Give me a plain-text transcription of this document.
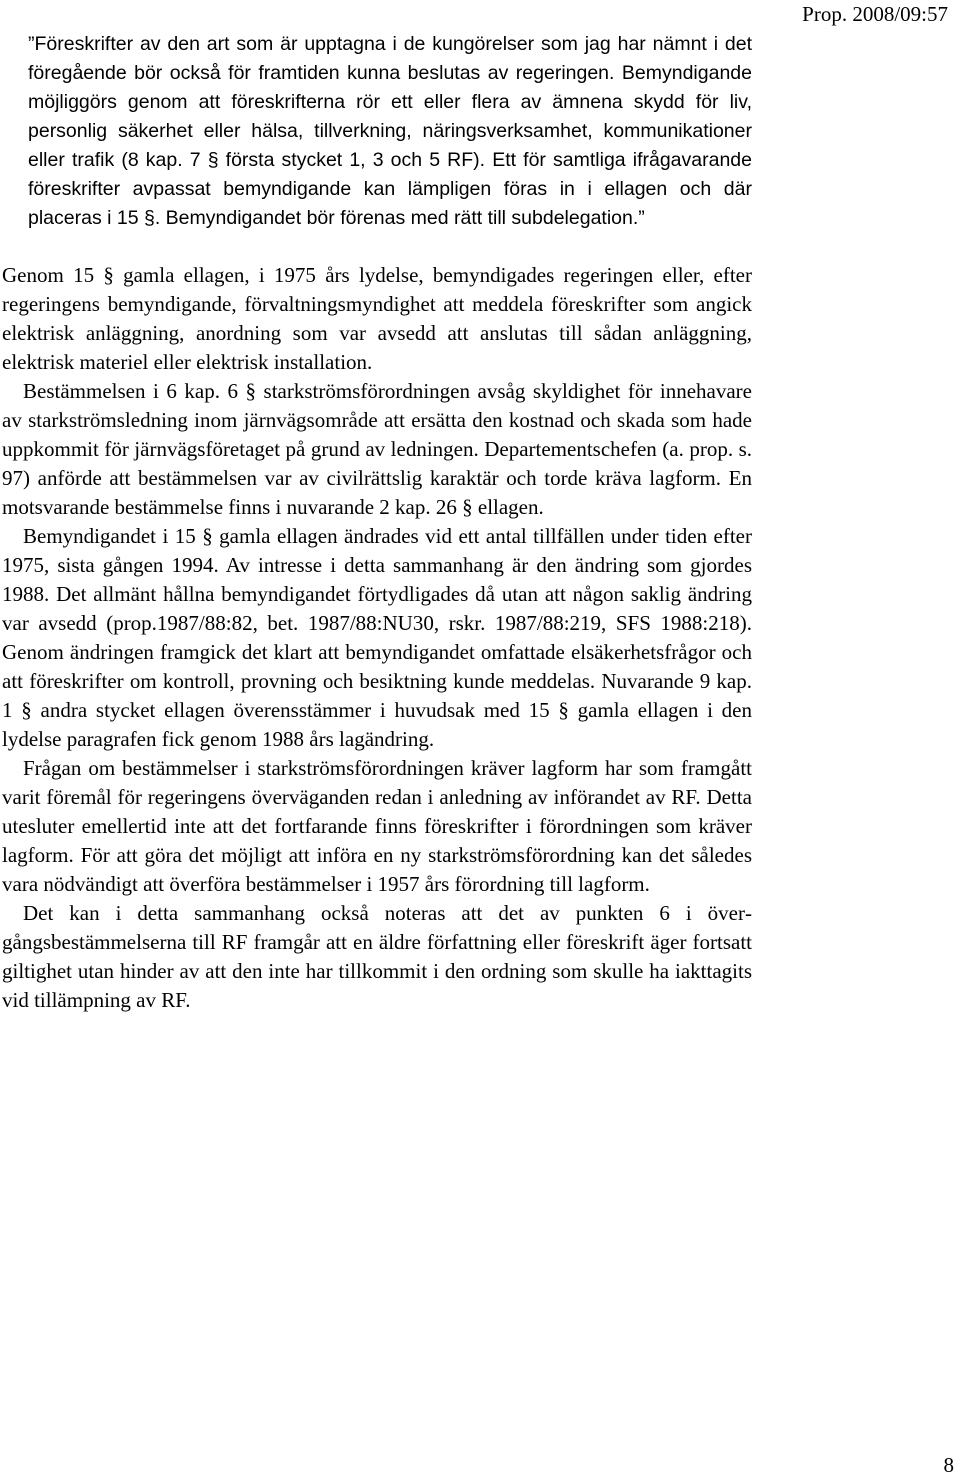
Prop. 2008/09:57

”Föreskrifter av den art som är upptagna i de kungörelser som jag har nämnt i det föregående bör också för framtiden kunna beslutas av regeringen. Bemyndigande möjliggörs genom att föreskrifterna rör ett eller flera av ämnena skydd för liv, personlig säkerhet eller hälsa, tillverkning, näringsverksamhet, kommunikationer eller trafik (8 kap. 7 § första stycket 1, 3 och 5 RF). Ett för samtliga ifrågavarande föreskrifter avpassat bemyndigande kan lämpligen föras in i ellagen och där placeras i 15 §. Bemyndigandet bör förenas med rätt till subdelegation.”

Genom 15 § gamla ellagen, i 1975 års lydelse, bemyndigades regeringen eller, efter regeringens bemyndigande, förvaltningsmyndighet att meddela föreskrifter som angick elektrisk anläggning, anordning som var avsedd att anslutas till sådan anläggning, elektrisk materiel eller elektrisk installation.

Bestämmelsen i 6 kap. 6 § starkströmsförordningen avsåg skyldighet för innehavare av starkströmsledning inom järnvägsområde att ersätta den kostnad och skada som hade uppkommit för järnvägsföretaget på grund av ledningen. Departementschefen (a. prop. s. 97) anförde att bestämmelsen var av civilrättslig karaktär och torde kräva lagform. En motsvarande bestämmelse finns i nuvarande 2 kap. 26 § ellagen.

Bemyndigandet i 15 § gamla ellagen ändrades vid ett antal tillfällen under tiden efter 1975, sista gången 1994. Av intresse i detta sammanhang är den ändring som gjordes 1988. Det allmänt hållna bemyndigandet förtydligades då utan att någon saklig ändring var avsedd (prop.1987/88:82, bet. 1987/88:NU30, rskr. 1987/88:219, SFS 1988:218). Genom ändringen framgick det klart att bemyndigandet omfattade elsäkerhetsfrågor och att föreskrifter om kontroll, provning och besiktning kunde meddelas. Nuvarande 9 kap. 1 § andra stycket ellagen överensstämmer i huvudsak med 15 § gamla ellagen i den lydelse paragrafen fick genom 1988 års lagändring.

Frågan om bestämmelser i starkströmsförordningen kräver lagform har som framgått varit föremål för regeringens överväganden redan i anledning av införandet av RF. Detta utesluter emellertid inte att det fortfarande finns föreskrifter i förordningen som kräver lagform. För att göra det möjligt att införa en ny starkströmsförordning kan det således vara nödvändigt att överföra bestämmelser i 1957 års förordning till lagform.

Det kan i detta sammanhang också noteras att det av punkten 6 i övergångsbestämmelserna till RF framgår att en äldre författning eller föreskrift äger fortsatt giltighet utan hinder av att den inte har tillkommit i den ordning som skulle ha iakttagits vid tillämpning av RF.

8
